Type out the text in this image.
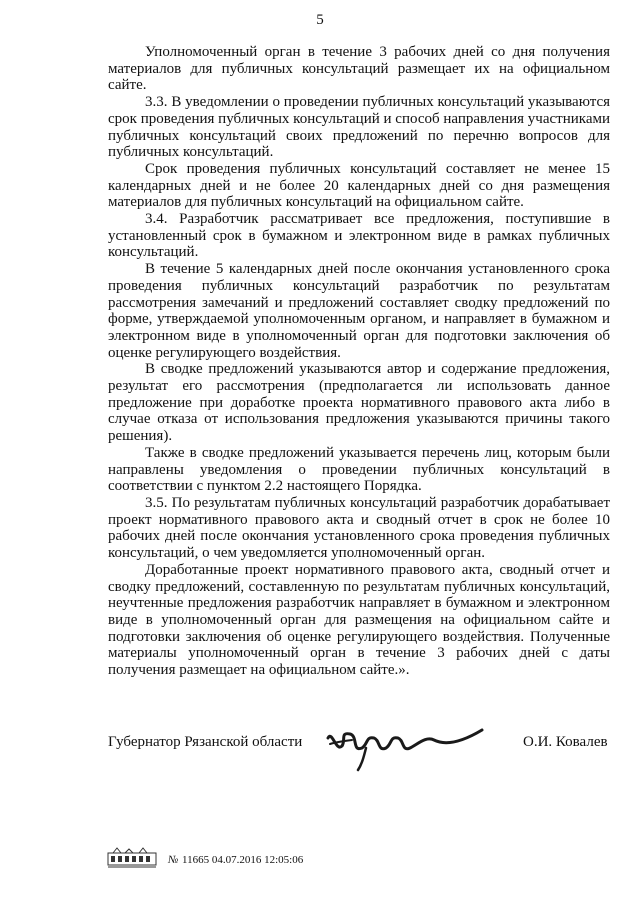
5

Уполномоченный орган в течение 3 рабочих дней со дня получения материалов для публичных консультаций размещает их на официальном сайте.

3.3. В уведомлении о проведении публичных консультаций указываются срок проведения публичных консультаций и способ направления участниками публичных консультаций своих предложений по перечню вопросов для публичных консультаций.

Срок проведения публичных консультаций составляет не менее 15 календарных дней и не более 20 календарных дней со дня размещения материалов для публичных консультаций на официальном сайте.

3.4. Разработчик рассматривает все предложения, поступившие в установленный срок в бумажном и электронном виде в рамках публичных консультаций.

В течение 5 календарных дней после окончания установленного срока проведения публичных консультаций разработчик по результатам рассмотрения замечаний и предложений составляет сводку предложений по форме, утверждаемой уполномоченным органом, и направляет в бумажном и электронном виде в уполномоченный орган для подготовки заключения об оценке регулирующего воздействия.

В сводке предложений указываются автор и содержание предложения, результат его рассмотрения (предполагается ли использовать данное предложение при доработке проекта нормативного правового акта либо в случае отказа от использования предложения указываются причины такого решения).

Также в сводке предложений указывается перечень лиц, которым были направлены уведомления о проведении публичных консультаций в соответствии с пунктом 2.2 настоящего Порядка.

3.5. По результатам публичных консультаций разработчик дорабатывает проект нормативного правового акта и сводный отчет в срок не более 10 рабочих дней после окончания установленного срока проведения публичных консультаций, о чем уведомляется уполномоченный орган.

Доработанные проект нормативного правового акта, сводный отчет и сводку предложений, составленную по результатам публичных консультаций, неучтенные предложения разработчик направляет в бумажном и электронном виде в уполномоченный орган для размещения на официальном сайте и подготовки заключения об оценке регулирующего воздействия. Полученные материалы уполномоченный орган в течение 3 рабочих дней с даты получения размещает на официальном сайте.».

Губернатор Рязанской области	О.И. Ковалев
№ 11665 04.07.2016 12:05:06
